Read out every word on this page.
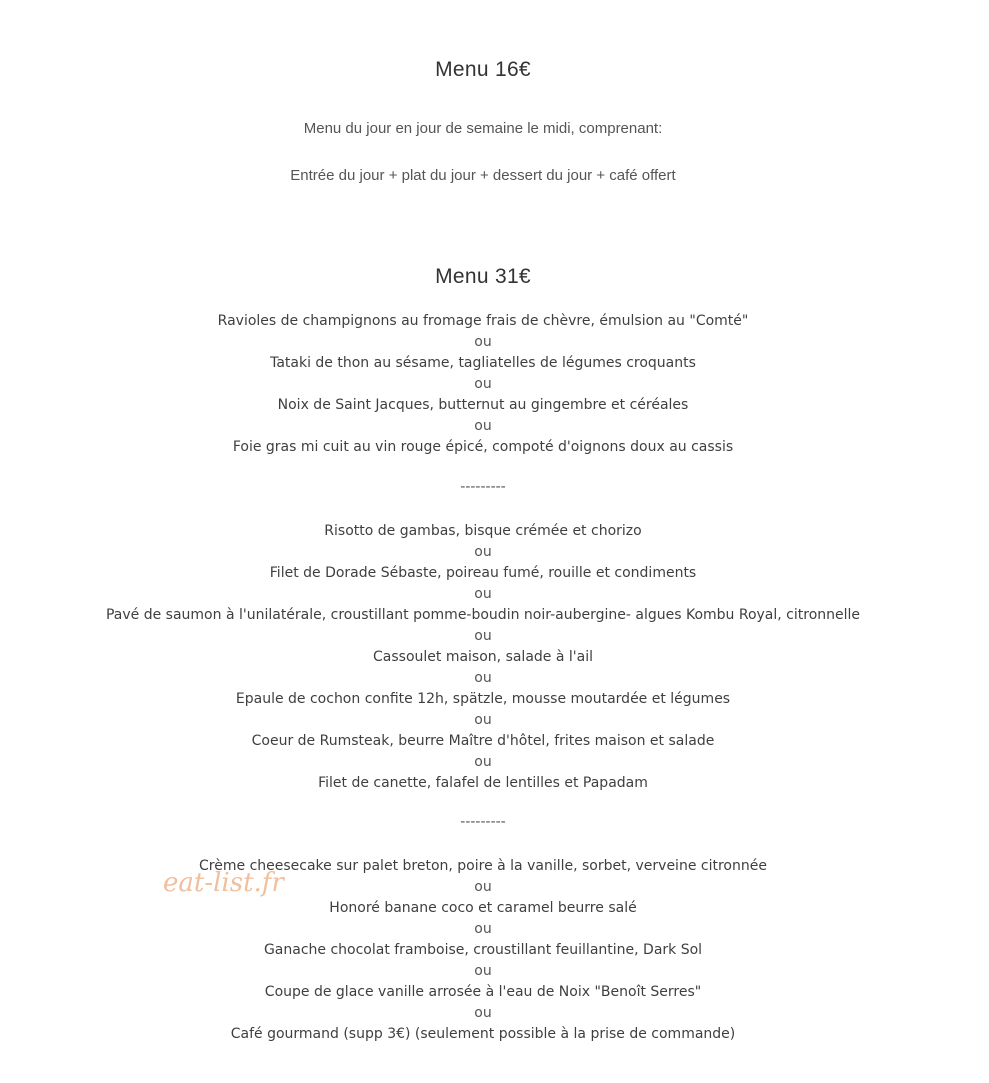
Menu 16€
Menu du jour en jour de semaine le midi, comprenant:
Entrée du jour + plat du jour + dessert du jour + café offert
Menu 31€
Ravioles de champignons au fromage frais de chèvre, émulsion au "Comté"
ou
Tataki de thon au sésame, tagliatelles de légumes croquants
ou
Noix de Saint Jacques, butternut au gingembre et céréales
ou
Foie gras mi cuit au vin rouge épicé, compoté d'oignons doux au cassis
---------
Risotto de gambas, bisque crémée et chorizo
ou
Filet de Dorade Sébaste, poireau fumé, rouille et condiments
ou
Pavé de saumon à l'unilatérale, croustillant pomme-boudin noir-aubergine- algues Kombu Royal, citronnelle
ou
Cassoulet maison, salade à l'ail
ou
Epaule de cochon confite 12h, spätzle, mousse moutardée et légumes
ou
Coeur de Rumsteak, beurre Maître d'hôtel, frites maison et salade
ou
Filet de canette, falafel de lentilles et Papadam
---------
Crème cheesecake sur palet breton, poire à la vanille, sorbet, verveine citronnée
ou
Honoré banane coco et caramel beurre salé
ou
Ganache chocolat framboise, croustillant feuillantine, Dark Sol
ou
Coupe de glace vanille arrosée à l'eau de Noix "Benoît Serres"
ou
Café gourmand (supp 3€) (seulement possible à la prise de commande)
eat-list.fr
